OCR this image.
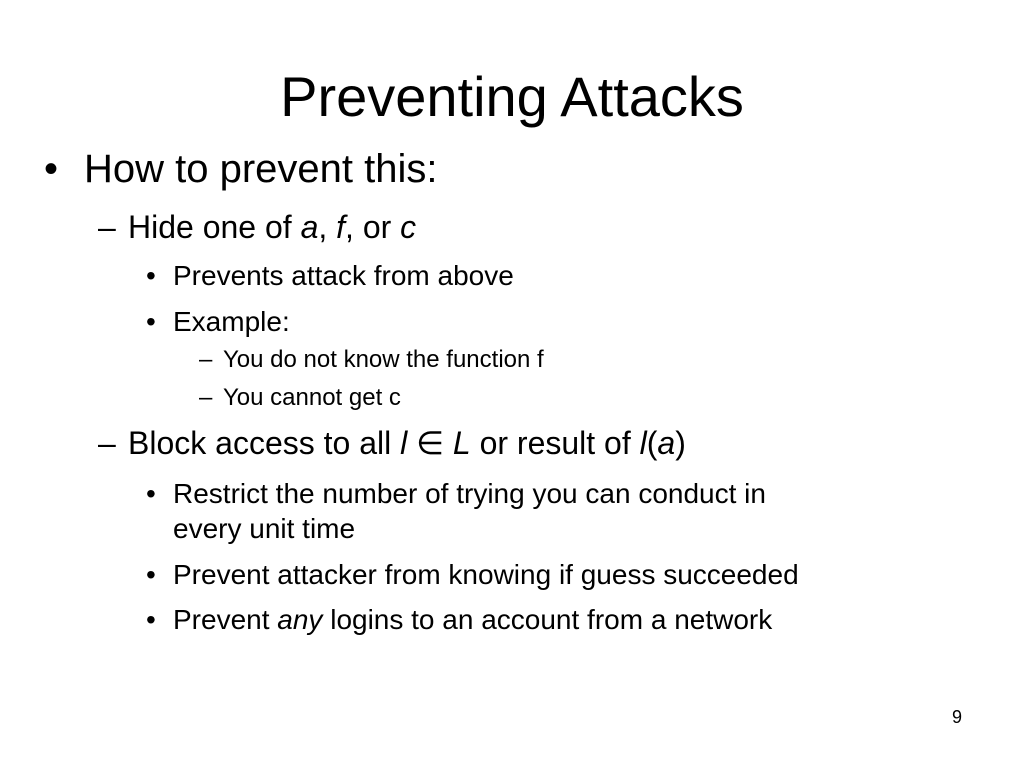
Preventing Attacks
• How to prevent this:
– Hide one of a, f, or c
• Prevents attack from above
• Example:
– You do not know the function f
– You cannot get c
– Block access to all l ∈ L or result of l(a)
• Restrict the number of trying you can conduct in
every unit time
• Prevent attacker from knowing if guess succeeded
• Prevent any logins to an account from a network
9
